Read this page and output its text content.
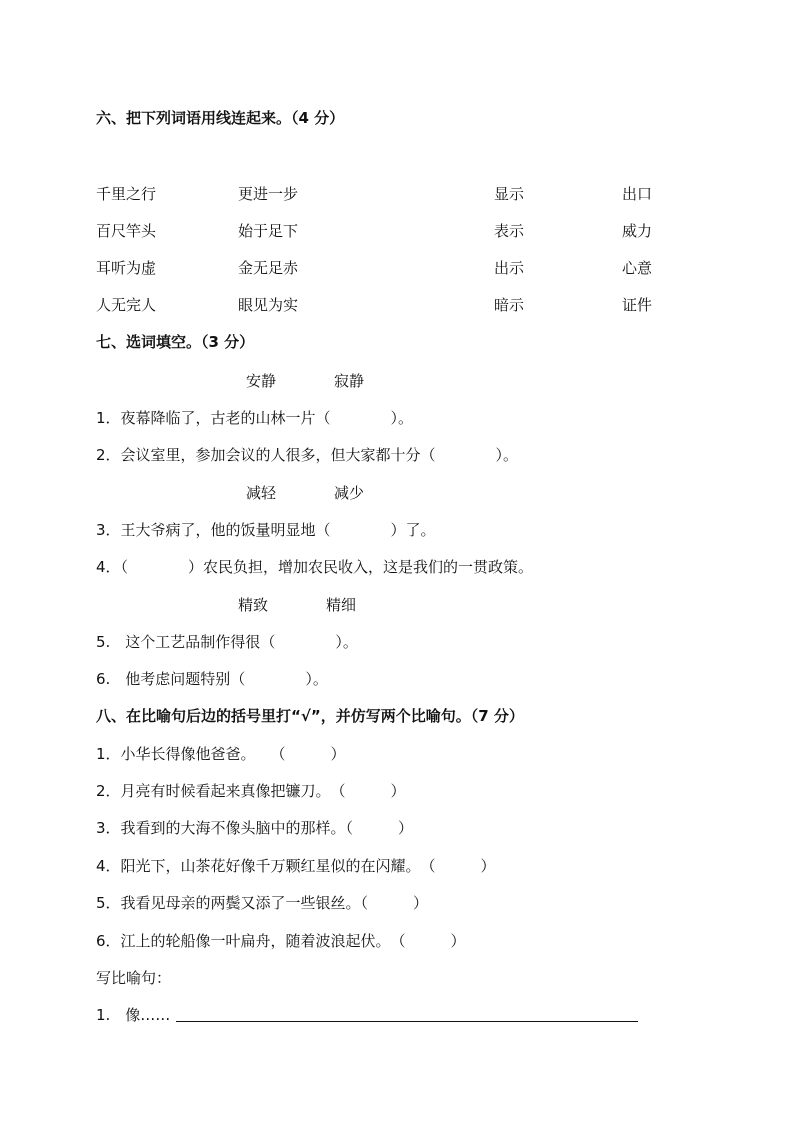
六、把下列词语用线连起来。（4 分）
千里之行	更进一步	显示	出口
百尺竿头	始于足下	表示	威力
耳听为虚	金无足赤	出示	心意
人无完人	眼见为实	暗示	证件
七、选词填空。（3 分）
安静	寂静
1．夜幕降临了，古老的山林一片（　　　　）。
2．会议室里，参加会议的人很多，但大家都十分（　　　　）。
减轻	减少
3．王大爷病了，他的饭量明显地（　　　　）了。
4．（　　　　）农民负担，增加农民收入，这是我们的一贯政策。
精致	精细
5.　这个工艺品制作得很（　　　　）。
6.　他考虑问题特别（　　　　）。
八、在比喻句后边的括号里打“√”，并仿写两个比喻句。（7 分）
1．小华长得像他爸爸。　　（　　　）
2．月亮有时候看起来真像把镰刀。　（　　　）
3．我看到的大海不像头脑中的那样。（　　　）
4．阳光下，山茶花好像千万颗红星似的在闪耀。　（　　　）
5．我看见母亲的两鬓又添了一些银丝。（　　　）
6．江上的轮船像一叶扁舟，随着波浪起伏。　（　　　）
写比喻句：
1.　像……
